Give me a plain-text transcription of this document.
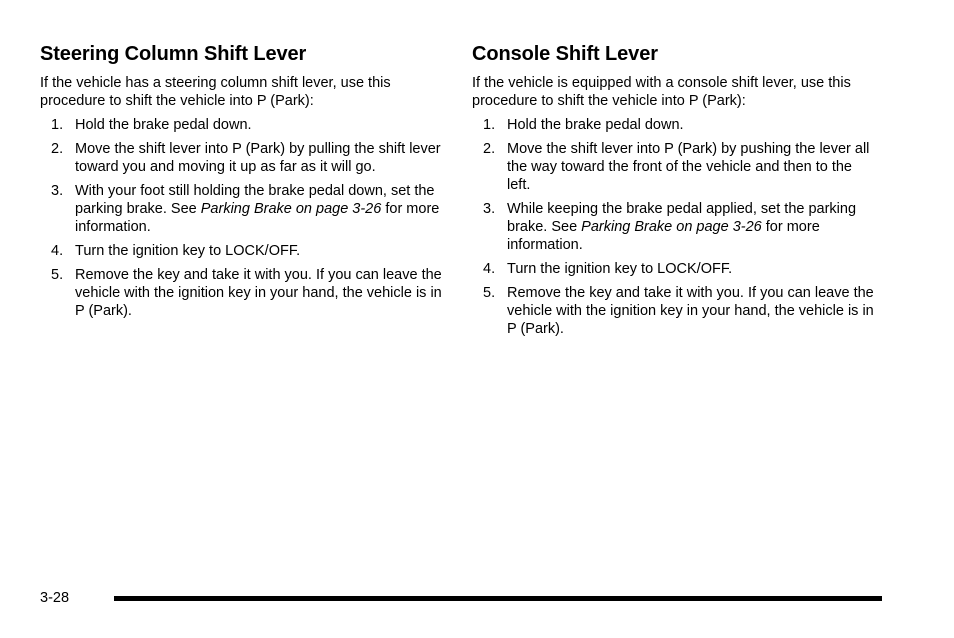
Steering Column Shift Lever

If the vehicle has a steering column shift lever, use this procedure to shift the vehicle into P (Park):

1. Hold the brake pedal down.
2. Move the shift lever into P (Park) by pulling the shift lever toward you and moving it up as far as it will go.
3. With your foot still holding the brake pedal down, set the parking brake. See Parking Brake on page 3-26 for more information.
4. Turn the ignition key to LOCK/OFF.
5. Remove the key and take it with you. If you can leave the vehicle with the ignition key in your hand, the vehicle is in P (Park).
Console Shift Lever

If the vehicle is equipped with a console shift lever, use this procedure to shift the vehicle into P (Park):

1. Hold the brake pedal down.
2. Move the shift lever into P (Park) by pushing the lever all the way toward the front of the vehicle and then to the left.
3. While keeping the brake pedal applied, set the parking brake. See Parking Brake on page 3-26 for more information.
4. Turn the ignition key to LOCK/OFF.
5. Remove the key and take it with you. If you can leave the vehicle with the ignition key in your hand, the vehicle is in P (Park).
3-28
